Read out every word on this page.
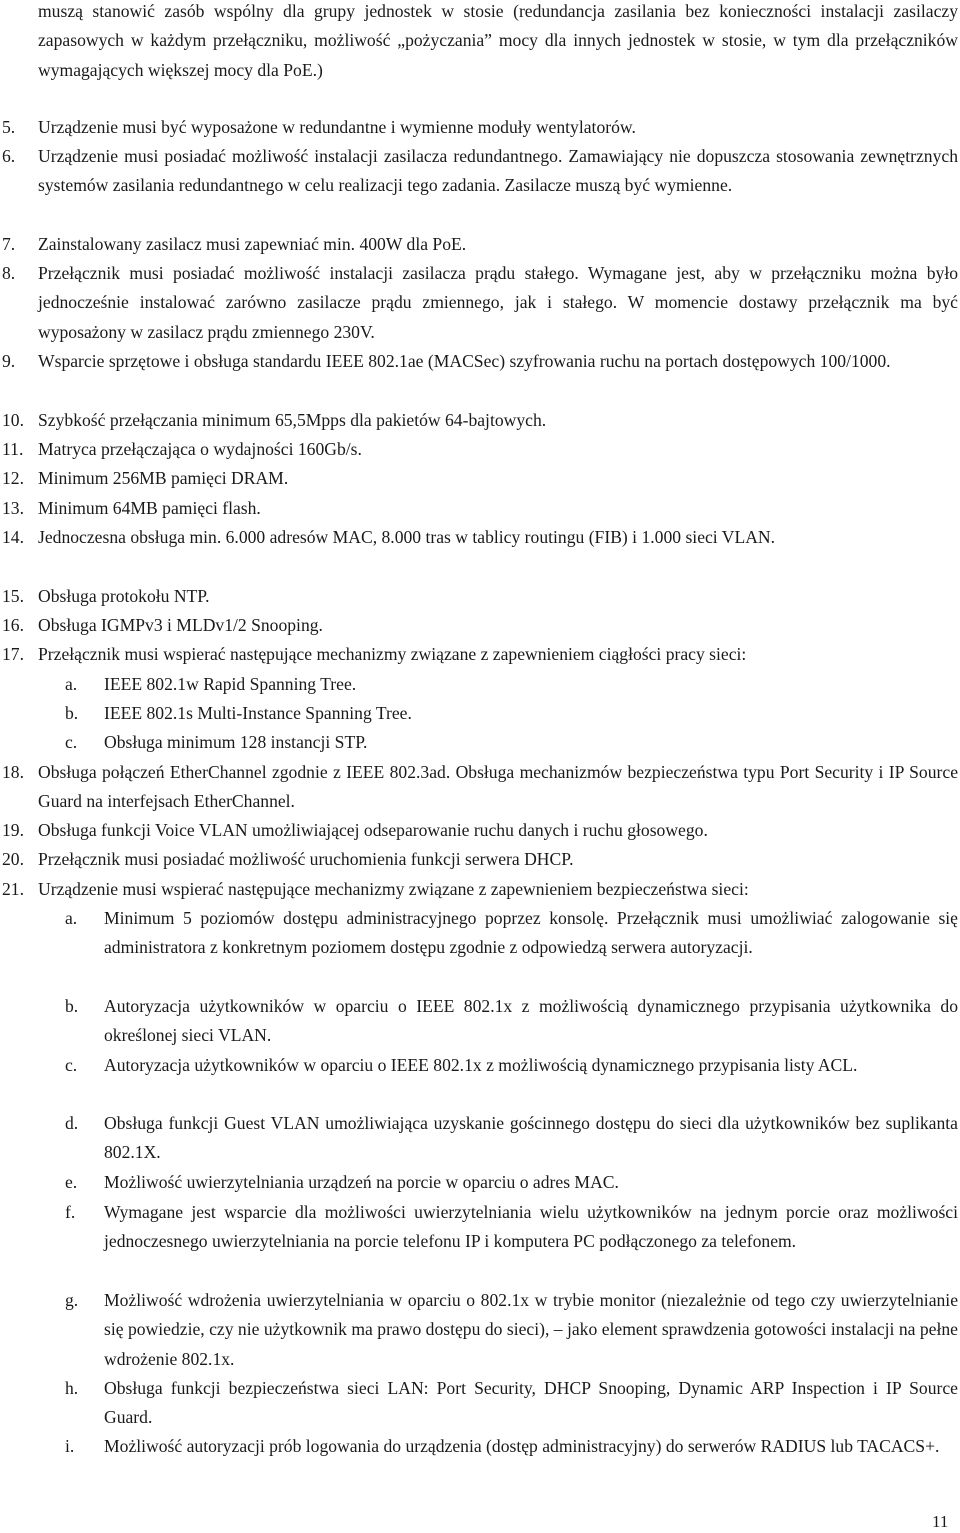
muszą stanowić zasób wspólny dla grupy jednostek w stosie (redundancja zasilania bez konieczności instalacji zasilaczy zapasowych w każdym przełączniku, możliwość „pożyczania” mocy dla innych jednostek w stosie, w tym dla przełączników wymagających większej mocy dla PoE.)
5. Urządzenie musi być wyposażone w redundantne i wymienne moduły wentylatorów.
6. Urządzenie musi posiadać możliwość instalacji zasilacza redundantnego. Zamawiający nie dopuszcza stosowania zewnętrznych systemów zasilania redundantnego w celu realizacji tego zadania. Zasilacze muszą być wymienne.
7. Zainstalowany zasilacz musi zapewniać min. 400W dla PoE.
8. Przełącznik musi posiadać możliwość instalacji zasilacza prądu stałego. Wymagane jest, aby w przełączniku można było jednocześnie instalować zarówno zasilacze prądu zmiennego, jak i stałego. W momencie dostawy przełącznik ma być wyposażony w zasilacz prądu zmiennego 230V.
9. Wsparcie sprzętowe i obsługa standardu IEEE 802.1ae (MACSec) szyfrowania ruchu na portach dostępowych 100/1000.
10. Szybkość przełączania minimum 65,5Mpps dla pakietów 64-bajtowych.
11. Matryca przełączająca o wydajności 160Gb/s.
12. Minimum 256MB pamięci DRAM.
13. Minimum 64MB pamięci flash.
14. Jednoczesna obsługa min. 6.000 adresów MAC, 8.000 tras w tablicy routingu (FIB) i 1.000 sieci VLAN.
15. Obsługa protokołu NTP.
16. Obsługa IGMPv3 i MLDv1/2 Snooping.
17. Przełącznik musi wspierać następujące mechanizmy związane z zapewnieniem ciągłości pracy sieci:
a. IEEE 802.1w Rapid Spanning Tree.
b. IEEE 802.1s Multi-Instance Spanning Tree.
c. Obsługa minimum 128 instancji STP.
18. Obsługa połączeń EtherChannel zgodnie z IEEE 802.3ad. Obsługa mechanizmów bezpieczeństwa typu Port Security i IP Source Guard na interfejsach EtherChannel.
19. Obsługa funkcji Voice VLAN umożliwiającej odseparowanie ruchu danych i ruchu głosowego.
20. Przełącznik musi posiadać możliwość uruchomienia funkcji serwera DHCP.
21. Urządzenie musi wspierać następujące mechanizmy związane z zapewnieniem bezpieczeństwa sieci:
a. Minimum 5 poziomów dostępu administracyjnego poprzez konsolę. Przełącznik musi umożliwiać zalogowanie się administratora z konkretnym poziomem dostępu zgodnie z odpowiedzą serwera autoryzacji.
b. Autoryzacja użytkowników w oparciu o IEEE 802.1x z możliwością dynamicznego przypisania użytkownika do określonej sieci VLAN.
c. Autoryzacja użytkowników w oparciu o IEEE 802.1x z możliwością dynamicznego przypisania listy ACL.
d. Obsługa funkcji Guest VLAN umożliwiająca uzyskanie gościnnego dostępu do sieci dla użytkowników bez suplikanta 802.1X.
e. Możliwość uwierzytelniania urządzeń na porcie w oparciu o adres MAC.
f. Wymagane jest wsparcie dla możliwości uwierzytelniania wielu użytkowników na jednym porcie oraz możliwości jednoczesnego uwierzytelniania na porcie telefonu IP i komputera PC podłączonego za telefonem.
g. Możliwość wdrożenia uwierzytelniania w oparciu o 802.1x w trybie monitor (niezależnie od tego czy uwierzytelnianie się powiedzie, czy nie użytkownik ma prawo dostępu do sieci), – jako element sprawdzenia gotowości instalacji na pełne wdrożenie 802.1x.
h. Obsługa funkcji bezpieczeństwa sieci LAN: Port Security, DHCP Snooping, Dynamic ARP Inspection i IP Source Guard.
i. Możliwość autoryzacji prób logowania do urządzenia (dostęp administracyjny) do serwerów RADIUS lub TACACS+.
11
